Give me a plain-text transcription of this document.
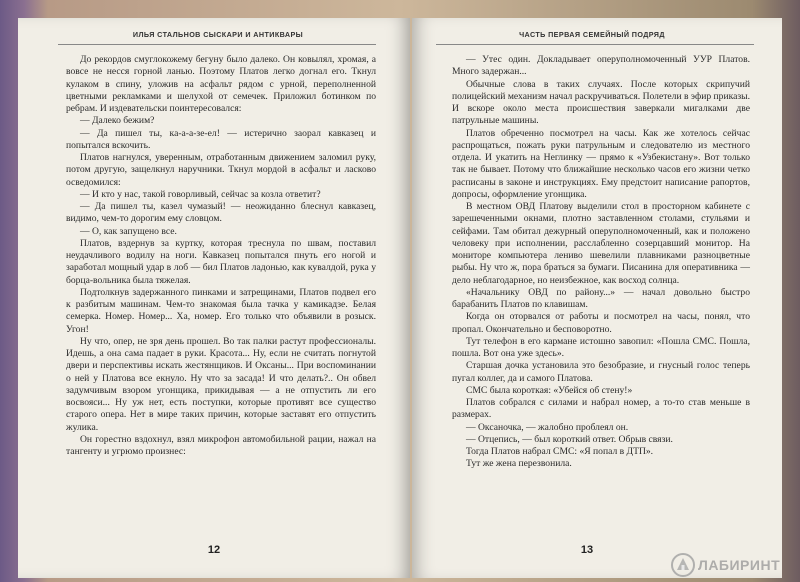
ИЛЬЯ СТАЛЬНОВ СЫСКАРИ И АНТИКВАРЫ

До рекордов смуглокожему бегуну было далеко. Он ковылял, хромая, а вовсе не несся горной ланью. Поэтому Платов легко догнал его. Ткнул кулаком в спину, уложив на асфальт рядом с урной, переполненной цветными рекламками и шелухой от семечек. Приложил ботинком по ребрам. И издевательски поинтересовался:

— Далеко бежим?

— Да пишел ты, ка-а-а-зе-ел! — истерично заорал кавказец и попытался вскочить.

Платов нагнулся, уверенным, отработанным движением заломил руку, потом другую, защелкнул наручники. Ткнул мордой в асфальт и ласково осведомился:

— И кто у нас, такой говорливый, сейчас за козла ответит?

— Да пишел ты, казел чумазый! — неожиданно блеснул кавказец, видимо, чем-то дорогим ему словцом.

— О, как запущено все.

Платов, вздернув за куртку, которая треснула по швам, поставил неудачливого водилу на ноги. Кавказец попытался пнуть его ногой и заработал мощный удар в лоб — бил Платов ладонью, как кувалдой, рука у борца-вольника была тяжелая.

Подтолкнув задержанного пинками и затрещинами, Платов подвел его к разбитым машинам. Чем-то знакомая была тачка у камикадзе. Белая семерка. Номер. Номер... Ха, номер. Его только что объявили в розыск. Угон!

Ну что, опер, не зря день прошел. Во так палки растут профессионалы. Идешь, а она сама падает в руки. Красота... Ну, если не считать погнутой двери и перспективы искать жестянщиков. И Оксаны... При воспоминании о ней у Платова все екнуло. Ну что за засада! И что делать?.. Он обвел задумчивым взором угонщика, прикидывая — а не отпустить ли его восвояси... Ну уж нет, есть поступки, которые противят все существо старого опера. Нет в мире таких причин, которые заставят его отпустить жулика.

Он горестно вздохнул, взял микрофон автомобильной рации, нажал на тангенту и угрюмо произнес:

12
ЧАСТЬ ПЕРВАЯ СЕМЕЙНЫЙ ПОДРЯД

— Утес один. Докладывает оперуполномоченный УУР Платов. Много задержан...

Обычные слова в таких случаях. После которых скрипучий полицейский механизм начал раскручиваться. Полетели в эфир приказы. И вскоре около места происшествия заверкали мигалками две патрульные машины.

Платов обреченно посмотрел на часы. Как же хотелось сейчас распрощаться, пожать руки патрульным и следователю из местного отдела. И укатить на Неглинку — прямо к «Узбекистану». Вот только так не бывает. Потому что ближайшие несколько часов его жизни четко расписаны в законе и инструкциях. Ему предстоит написание рапортов, допросы, оформление угонщика.

В местном ОВД Платову выделили стол в просторном кабинете с зарешеченными окнами, плотно заставленном столами, стульями и сейфами. Там обитал дежурный оперуполномоченный, как и положено человеку при исполнении, расслабленно созерцавший монитор. На мониторе компьютера лениво шевелили плавниками разноцветные рыбы. Ну что ж, пора браться за бумаги. Писанина для оперативника — дело неблагодарное, но неизбежное, как восход солнца.

«Начальнику ОВД по району...» — начал довольно быстро барабанить Платов по клавишам.

Когда он оторвался от работы и посмотрел на часы, понял, что пропал. Окончательно и бесповоротно.

Тут телефон в его кармане истошно завопил: «Пошла СМС. Пошла, пошла. Вот она уже здесь».

Старшая дочка установила это безобразие, и гнусный голос теперь пугал коллег, да и самого Платова.

СМС была короткая: «Убейся об стену!»

Платов собрался с силами и набрал номер, а то-то став меньше в размерах.

— Оксаночка, — жалобно проблеял он.

— Отцепись, — был короткий ответ. Обрыв связи.

Тогда Платов набрал СМС: «Я попал в ДТП».

Тут же жена перезвонила.

13
ЛАБИРИНТ
